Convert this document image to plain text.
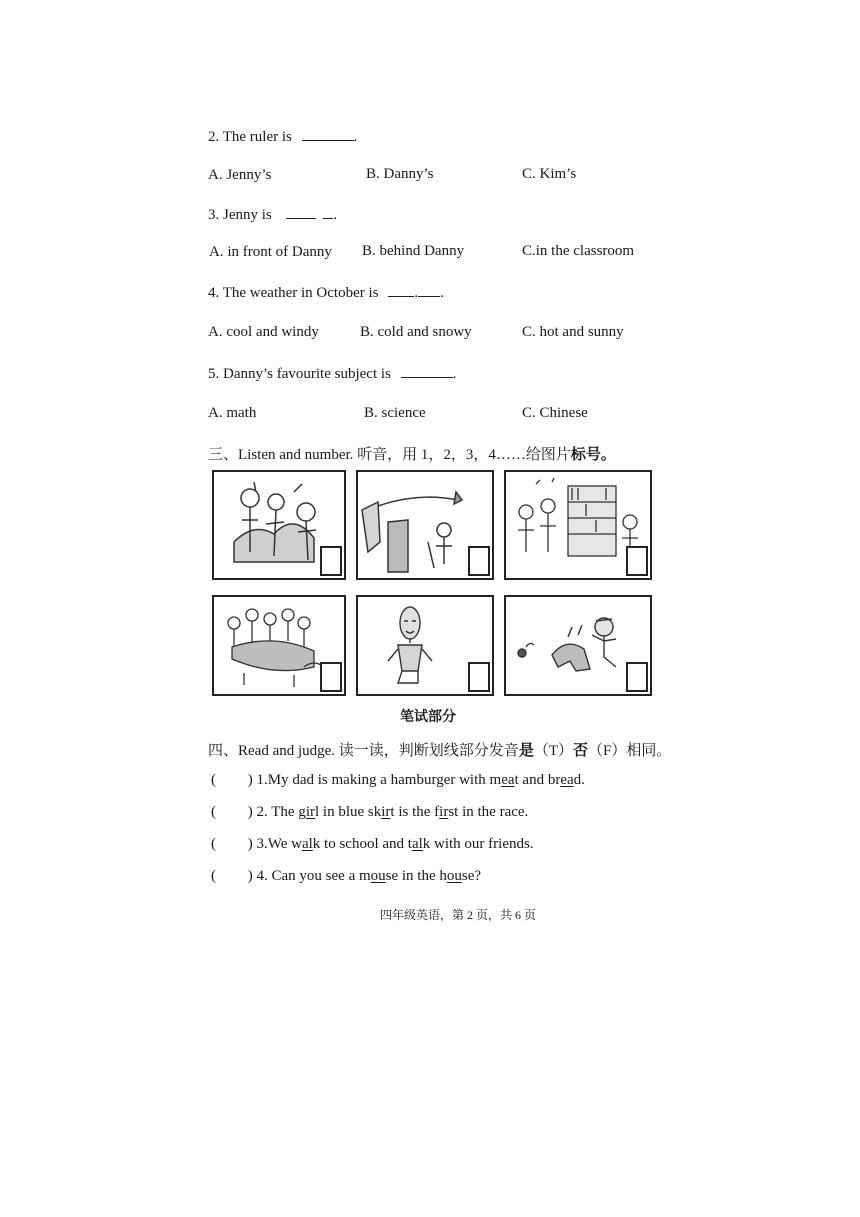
2. The ruler is	.
A. Jenny’s	B. Danny’s	C. Kim’s
3. Jenny is	.
A. in front of Danny B. behind Danny	C.in the classroom
4. The weather in October is . .
A. cool and windy	B. cold and snowy	C. hot and sunny
5. Danny’s favourite subject is	.
A. math	B. science	C. Chinese
三、Listen and number. 听音，用 1，2，3，4……给图片标号。
笔试部分
四、Read and judge. 读一读，判断划线部分发音是（T）否（F）相同。
( ) 1.My dad is making a hamburger with meat and bread.
( ) 2. The girl in blue skirt is the first in the race.
( ) 3.We walk to school and talk with our friends.
( ) 4. Can you see a mouse in the house?
四年级英语，第 2 页，共 6 页
